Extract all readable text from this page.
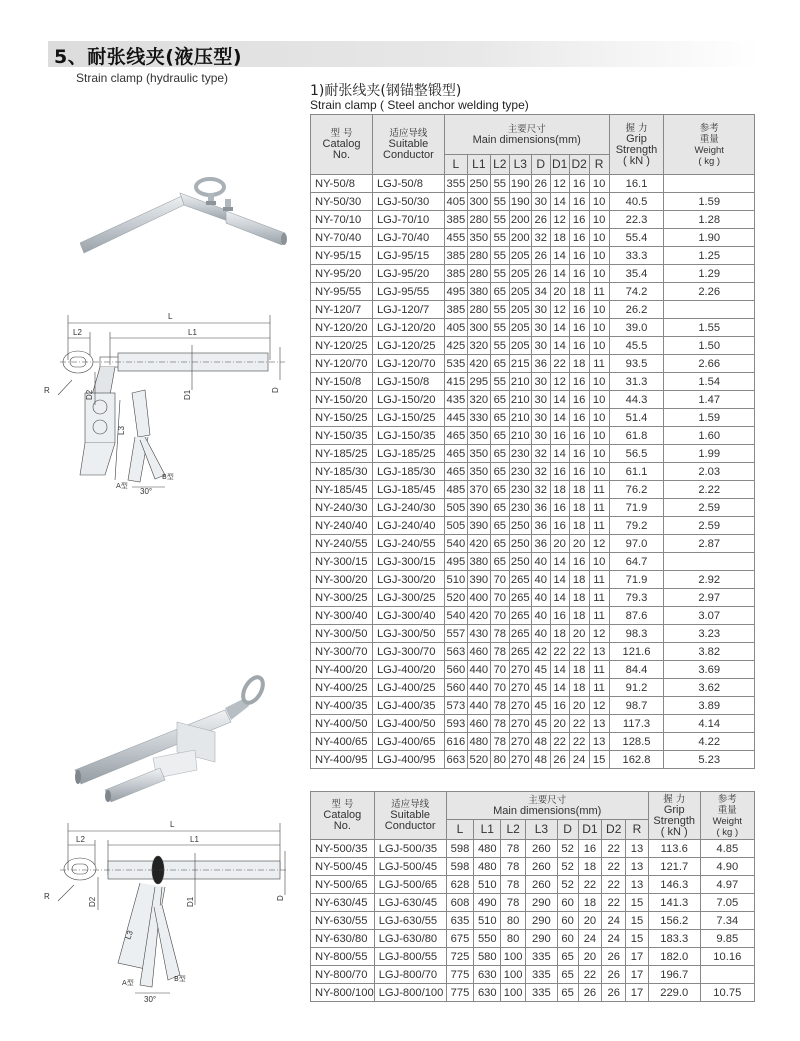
5、耐张线夹(液压型)
Strain clamp (hydraulic type)
1)耐张线夹(钢锚整锻型)
Strain clamp ( Steel anchor welding type)
L
L2	L1
R	D2	D1	D
L3
A型
B型
30°
L
L2	L1
R
D2	D1	D
L3
A型	B型
30°
型 号
Catalog
No.	适应导线
Suitable
Conductor	主要尺寸
Main dimensions(mm)								握 力
Grip
Strength
( kN )	参考
重量
Weight
( kg )

		L	L1	L2	L3	D	D1	D2	R		
NY-50/8	LGJ-50/8	355	250	55	190	26	12	16	10	16.1	
NY-50/30	LGJ-50/30	405	300	55	190	30	14	16	10	40.5	1.59
NY-70/10	LGJ-70/10	385	280	55	200	26	12	16	10	22.3	1.28
NY-70/40	LGJ-70/40	455	350	55	200	32	18	16	10	55.4	1.90
NY-95/15	LGJ-95/15	385	280	55	205	26	14	16	10	33.3	1.25
NY-95/20	LGJ-95/20	385	280	55	205	26	14	16	10	35.4	1.29
NY-95/55	LGJ-95/55	495	380	65	205	34	20	18	11	74.2	2.26
NY-120/7	LGJ-120/7	385	280	55	205	30	12	16	10	26.2	
NY-120/20	LGJ-120/20	405	300	55	205	30	14	16	10	39.0	1.55
NY-120/25	LGJ-120/25	425	320	55	205	30	14	16	10	45.5	1.50
NY-120/70	LGJ-120/70	535	420	65	215	36	22	18	11	93.5	2.66
NY-150/8	LGJ-150/8	415	295	55	210	30	12	16	10	31.3	1.54
NY-150/20	LGJ-150/20	435	320	65	210	30	14	16	10	44.3	1.47
NY-150/25	LGJ-150/25	445	330	65	210	30	14	16	10	51.4	1.59
NY-150/35	LGJ-150/35	465	350	65	210	30	16	16	10	61.8	1.60
NY-185/25	LGJ-185/25	465	350	65	230	32	14	16	10	56.5	1.99
NY-185/30	LGJ-185/30	465	350	65	230	32	16	16	10	61.1	2.03
NY-185/45	LGJ-185/45	485	370	65	230	32	18	18	11	76.2	2.22
NY-240/30	LGJ-240/30	505	390	65	230	36	16	18	11	71.9	2.59
NY-240/40	LGJ-240/40	505	390	65	250	36	16	18	11	79.2	2.59
NY-240/55	LGJ-240/55	540	420	65	250	36	20	20	12	97.0	2.87
NY-300/15	LGJ-300/15	495	380	65	250	40	14	16	10	64.7	
NY-300/20	LGJ-300/20	510	390	70	265	40	14	18	11	71.9	2.92
NY-300/25	LGJ-300/25	520	400	70	265	40	14	18	11	79.3	2.97
NY-300/40	LGJ-300/40	540	420	70	265	40	16	18	11	87.6	3.07
NY-300/50	LGJ-300/50	557	430	78	265	40	18	20	12	98.3	3.23
NY-300/70	LGJ-300/70	563	460	78	265	42	22	22	13	121.6	3.82
NY-400/20	LGJ-400/20	560	440	70	270	45	14	18	11	84.4	3.69
NY-400/25	LGJ-400/25	560	440	70	270	45	14	18	11	91.2	3.62
NY-400/35	LGJ-400/35	573	440	78	270	45	16	20	12	98.7	3.89
NY-400/50	LGJ-400/50	593	460	78	270	45	20	22	13	117.3	4.14
NY-400/65	LGJ-400/65	616	480	78	270	48	22	22	13	128.5	4.22
NY-400/95	LGJ-400/95	663	520	80	270	48	26	24	15	162.8	5.23
型 号
Catalog
No.	适应导线
Suitable
Conductor	主要尺寸
Main dimensions(mm)								握 力
Grip
Strength
( kN )	参考
重量
Weight
( kg )

		L	L1	L2	L3	D	D1	D2	R		
NY-500/35	LGJ-500/35	598	480	78	260	52	16	22	13	113.6	4.85
NY-500/45	LGJ-500/45	598	480	78	260	52	18	22	13	121.7	4.90
NY-500/65	LGJ-500/65	628	510	78	260	52	22	22	13	146.3	4.97
NY-630/45	LGJ-630/45	608	490	78	290	60	18	22	15	141.3	7.05
NY-630/55	LGJ-630/55	635	510	80	290	60	20	24	15	156.2	7.34
NY-630/80	LGJ-630/80	675	550	80	290	60	24	24	15	183.3	9.85
NY-800/55	LGJ-800/55	725	580	100	335	65	20	26	17	182.0	10.16
NY-800/70	LGJ-800/70	775	630	100	335	65	22	26	17	196.7	
NY-800/100	LGJ-800/100	775	630	100	335	65	26	26	17	229.0	10.75
